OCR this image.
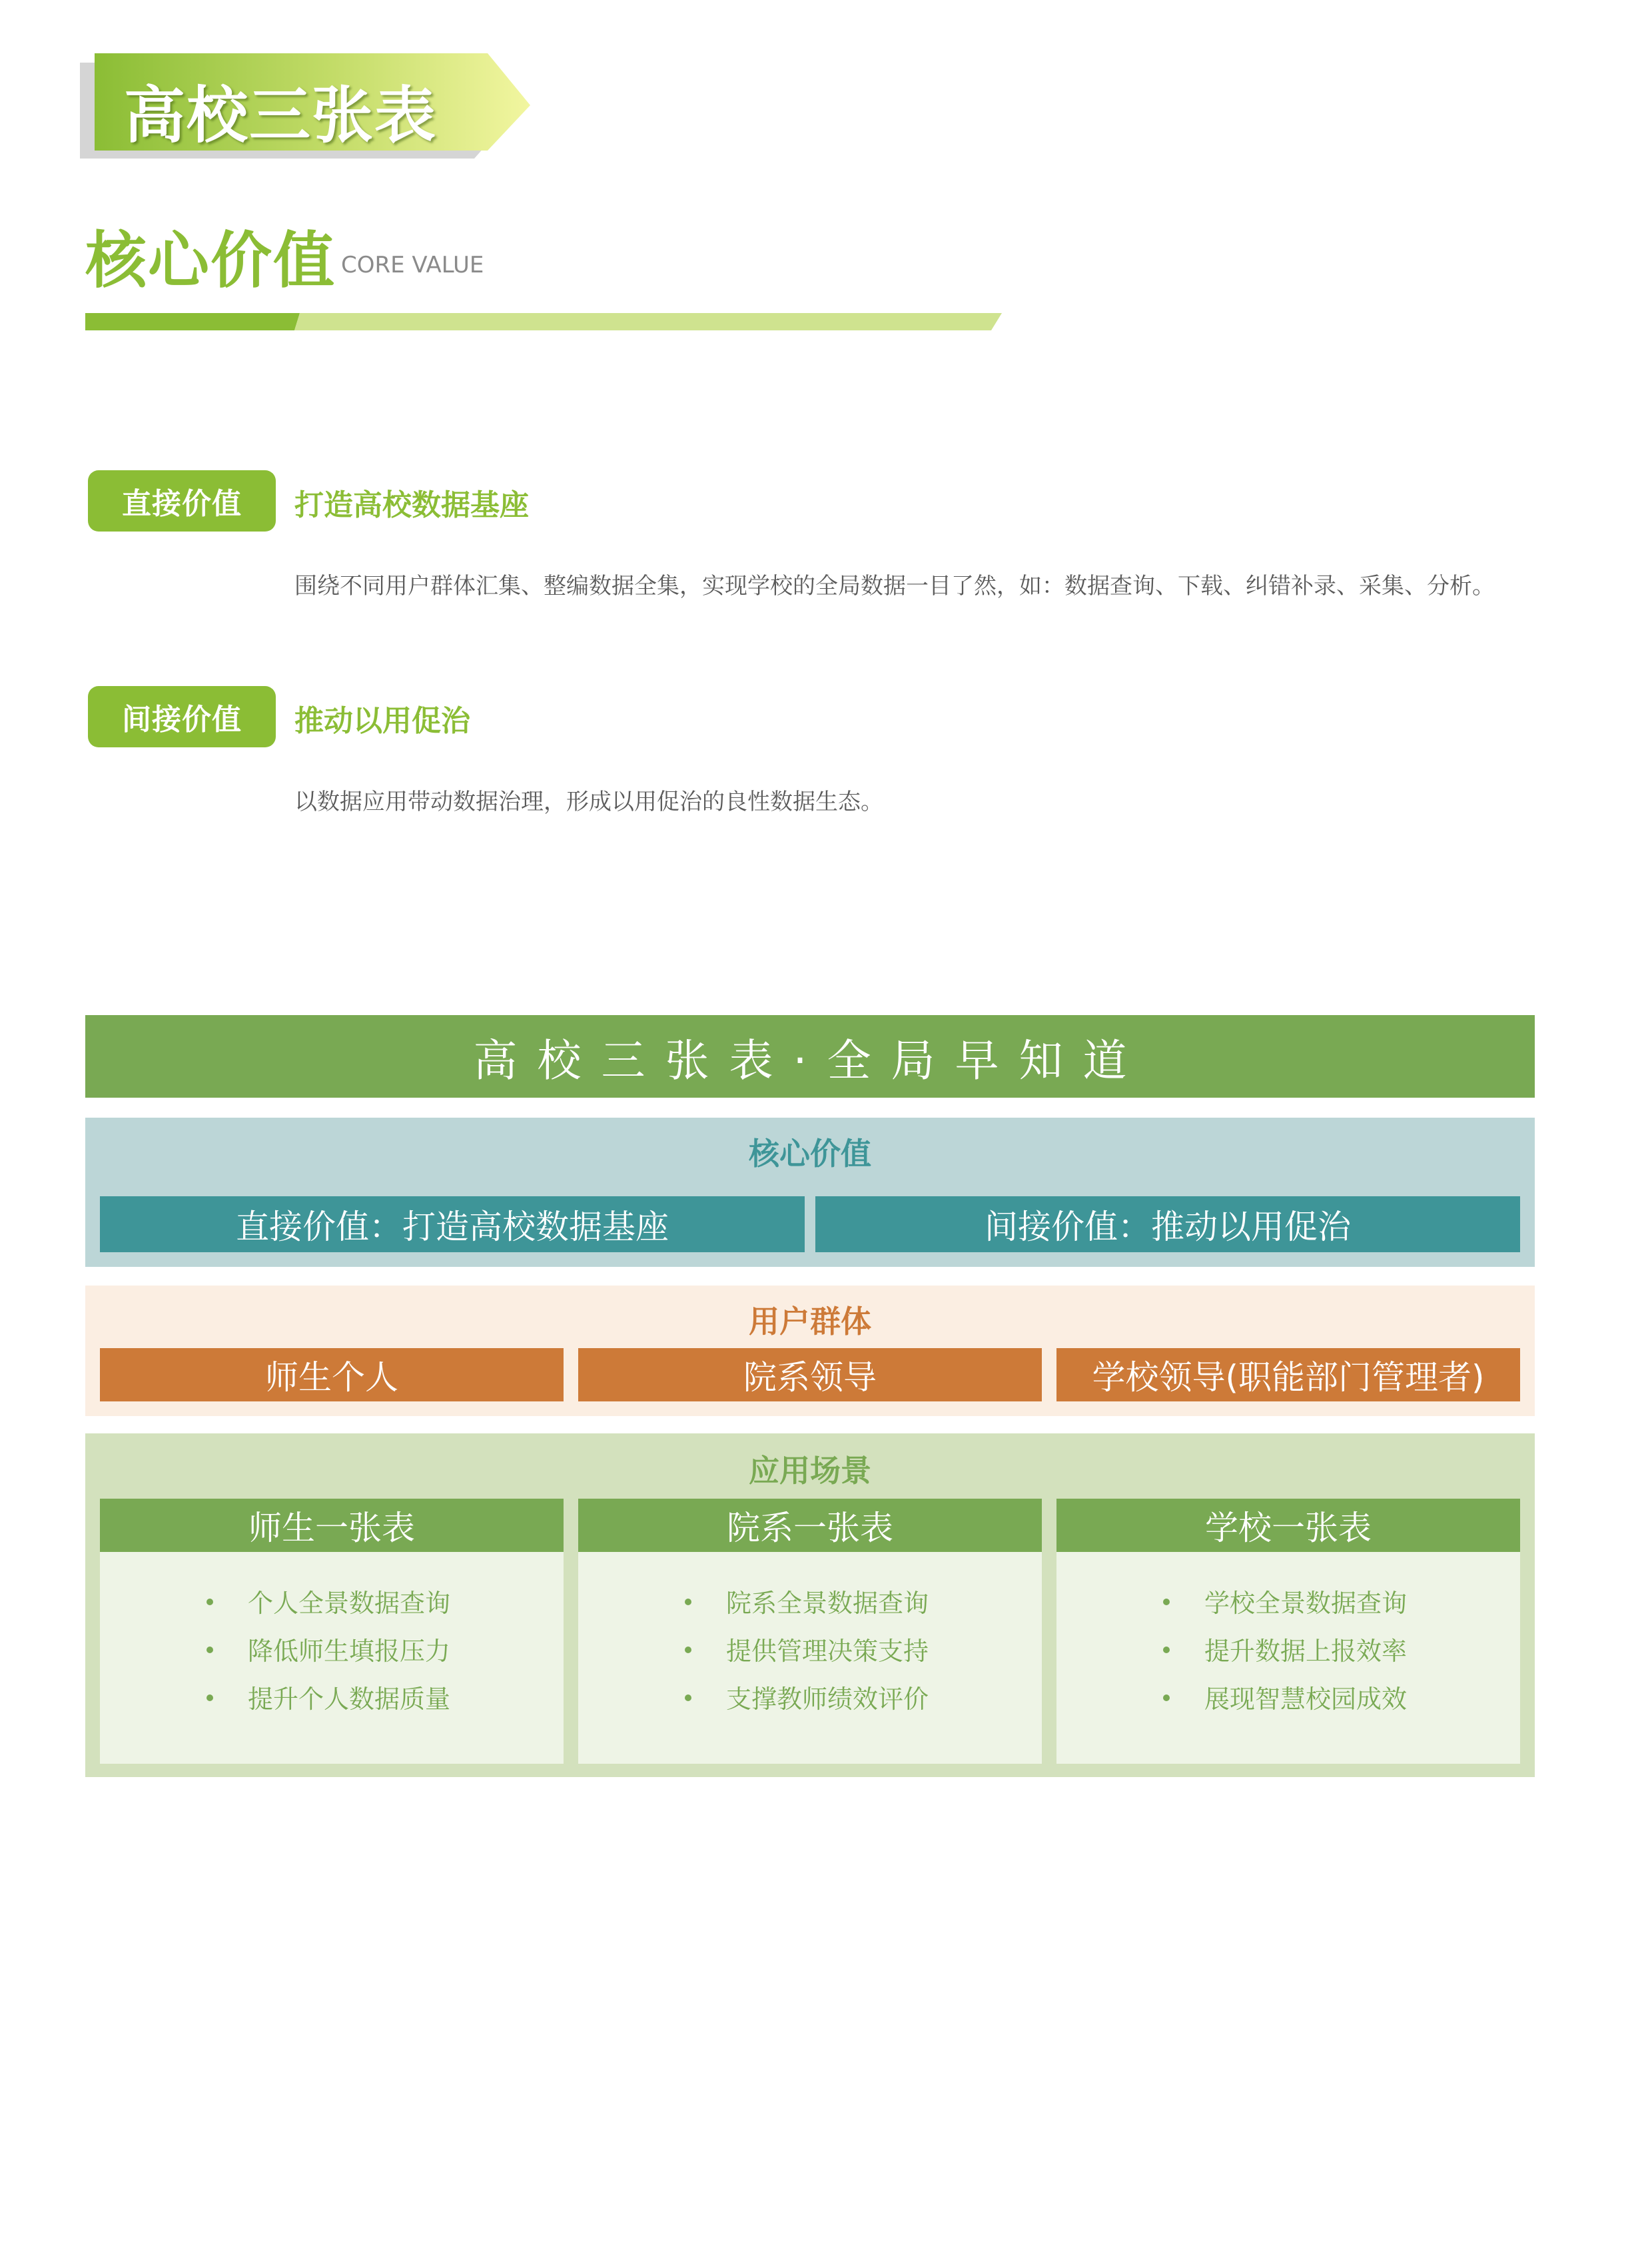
高校三张表
核心价值 CORE VALUE
直接价值	打造高校数据基座
围绕不同用户群体汇集、整编数据全集，实现学校的全局数据一目了然，如：数据查询、下载、纠错补录、采集、分析。
间接价值	推动以用促治
以数据应用带动数据治理，形成以用促治的良性数据生态。
高校三张表·全局早知道
核心价值
直接价值：打造高校数据基座	间接价值：推动以用促治
用户群体
师生个人	院系领导	学校领导(职能部门管理者)
应用场景
师生一张表
个人全景数据查询
降低师生填报压力
提升个人数据质量
院系一张表
院系全景数据查询
提供管理决策支持
支撑教师绩效评价
学校一张表
学校全景数据查询
提升数据上报效率
展现智慧校园成效
